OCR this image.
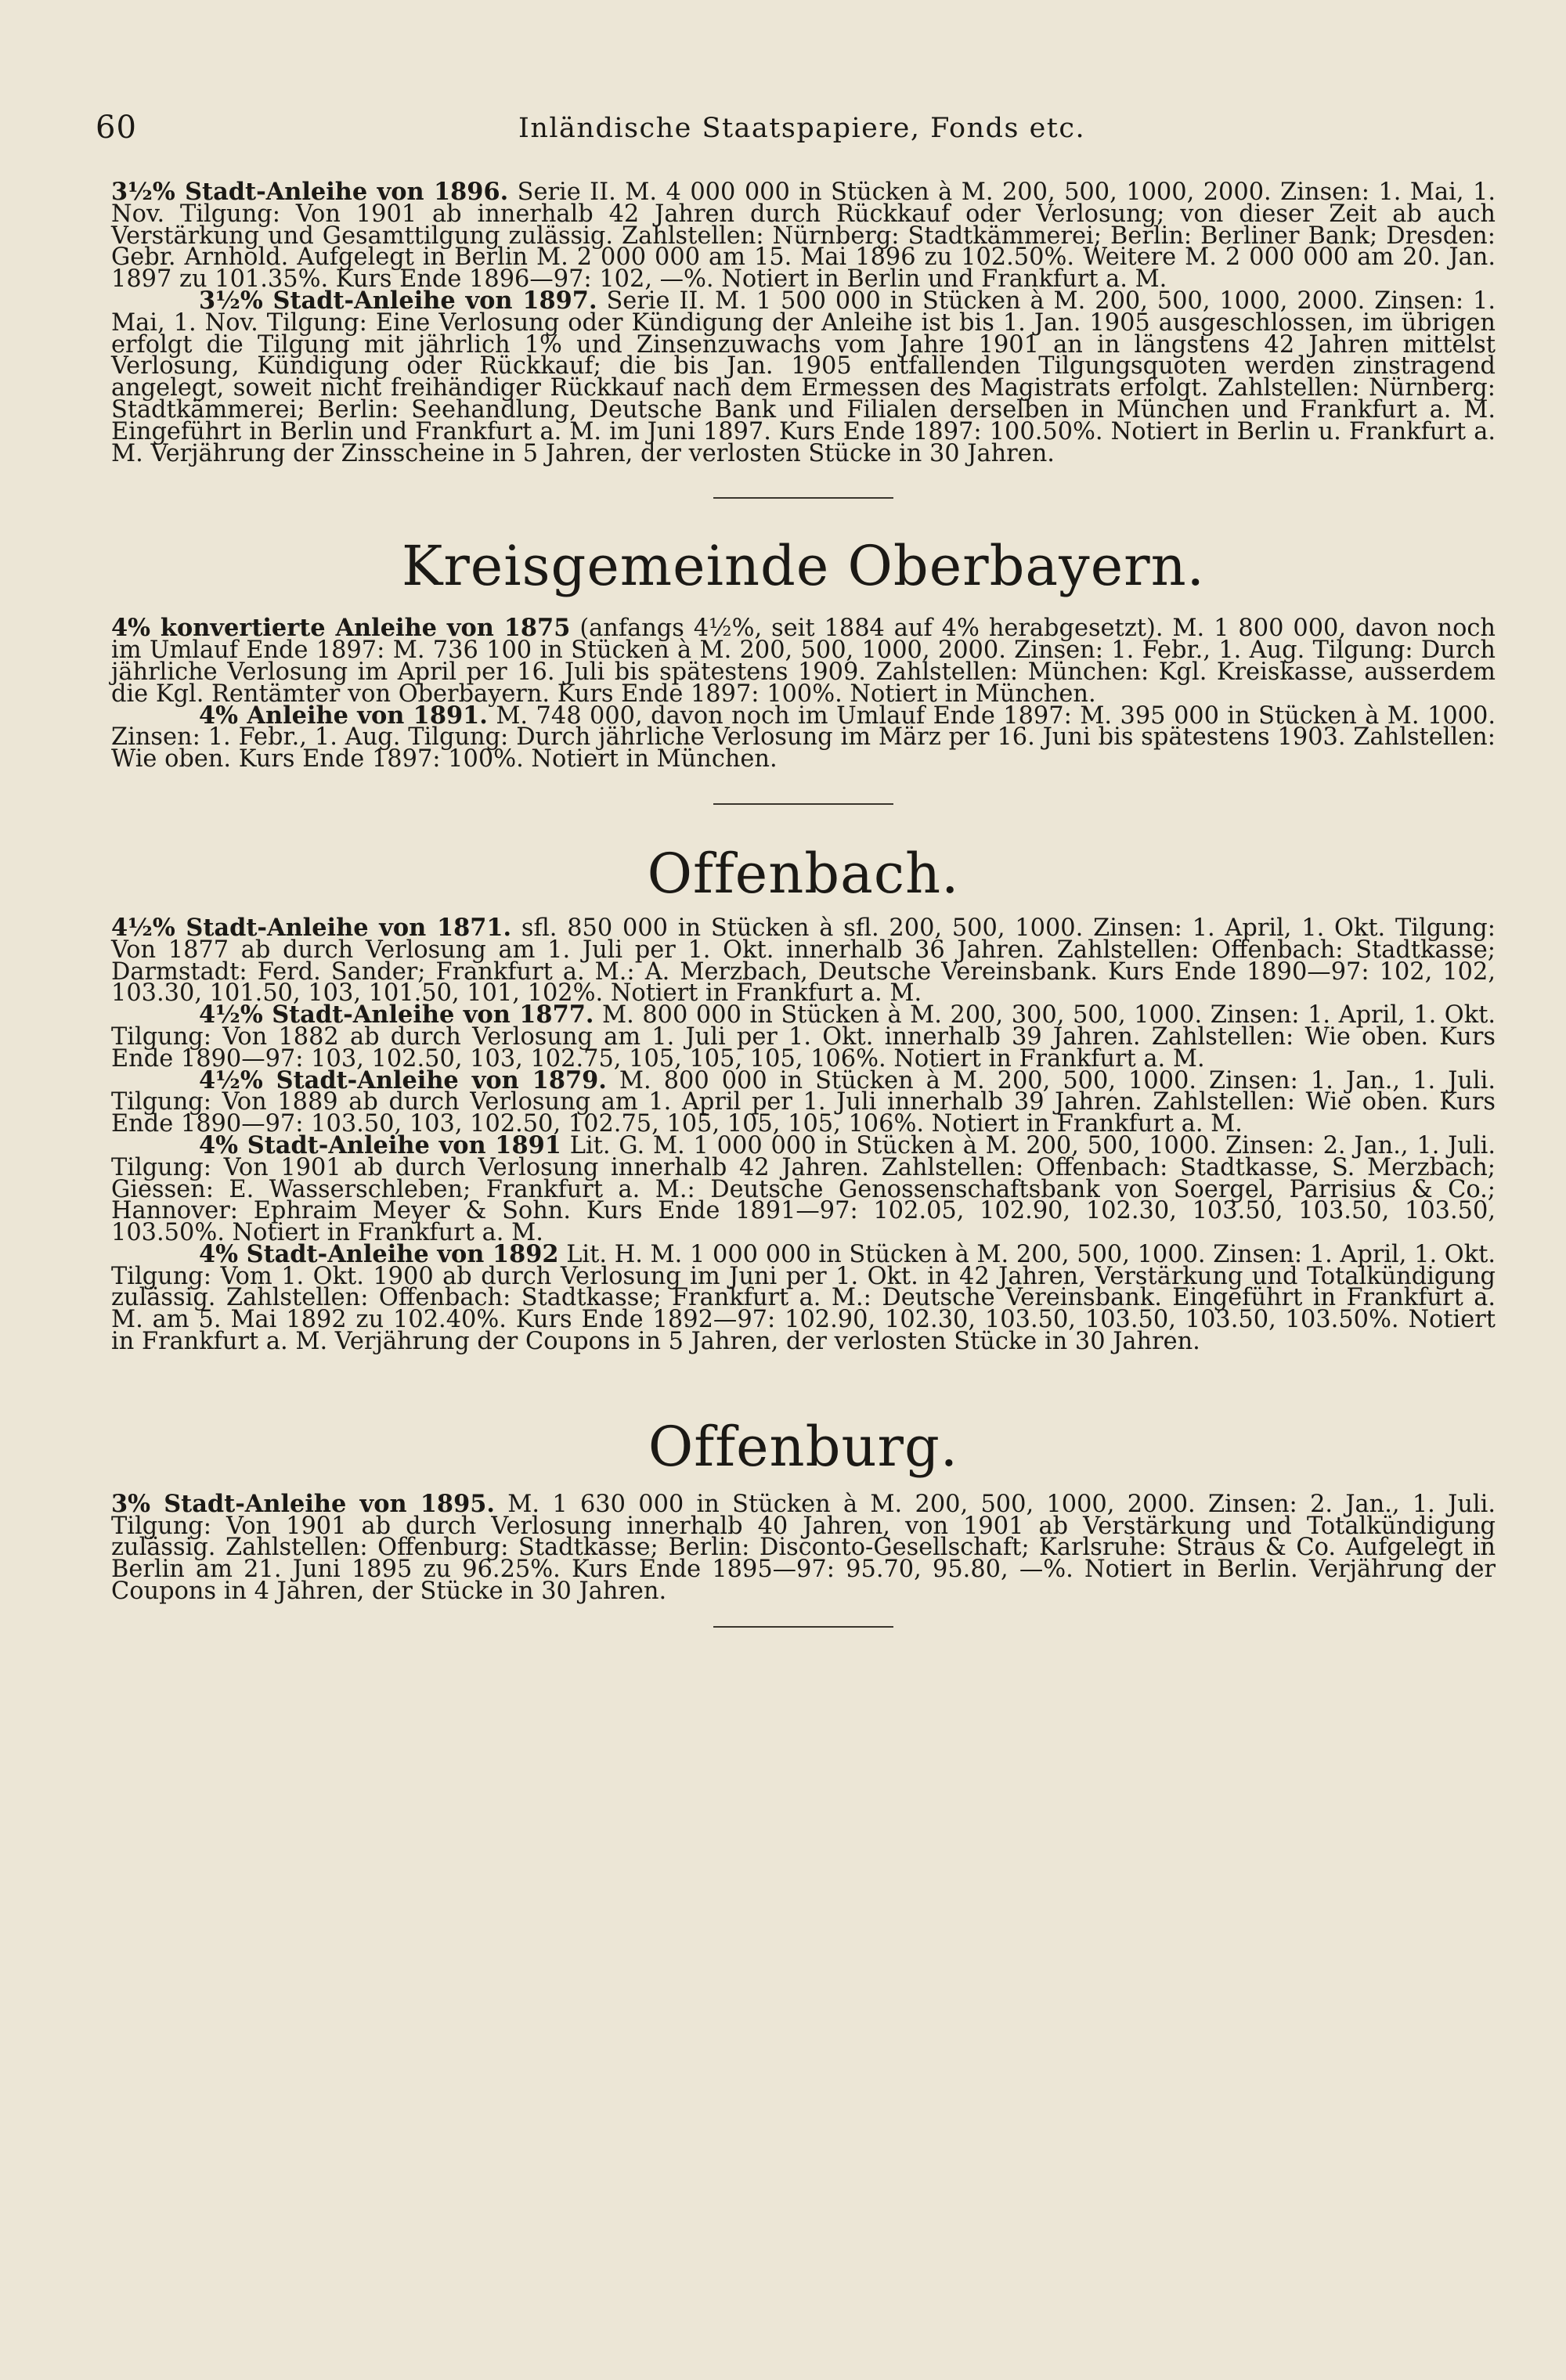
60	Inländische Staatspapiere, Fonds etc.

3½% Stadt-Anleihe von 1896. Serie II. M. 4 000 000 in Stücken à M. 200, 500, 1000, 2000. Zinsen: 1. Mai, 1. Nov. Tilgung: Von 1901 ab innerhalb 42 Jahren durch Rückkauf oder Verlosung; von dieser Zeit ab auch Verstärkung und Gesamttilgung zulässig. Zahlstellen: Nürnberg: Stadtkämmerei; Berlin: Berliner Bank; Dresden: Gebr. Arnhold. Aufgelegt in Berlin M. 2 000 000 am 15. Mai 1896 zu 102.50%. Weitere M. 2 000 000 am 20. Jan. 1897 zu 101.35%. Kurs Ende 1896—97: 102, —%. Notiert in Berlin und Frankfurt a. M.

3½% Stadt-Anleihe von 1897. Serie II. M. 1 500 000 in Stücken à M. 200, 500, 1000, 2000. Zinsen: 1. Mai, 1. Nov. Tilgung: Eine Verlosung oder Kündigung der Anleihe ist bis 1. Jan. 1905 ausgeschlossen, im übrigen erfolgt die Tilgung mit jährlich 1% und Zinsenzuwachs vom Jahre 1901 an in längstens 42 Jahren mittelst Verlosung, Kündigung oder Rückkauf; die bis Jan. 1905 entfallenden Tilgungsquoten werden zinstragend angelegt, soweit nicht freihändiger Rückkauf nach dem Ermessen des Magistrats erfolgt. Zahlstellen: Nürnberg: Stadtkämmerei; Berlin: Seehandlung, Deutsche Bank und Filialen derselben in München und Frankfurt a. M. Eingeführt in Berlin und Frankfurt a. M. im Juni 1897. Kurs Ende 1897: 100.50%. Notiert in Berlin u. Frankfurt a. M. Verjährung der Zinsscheine in 5 Jahren, der verlosten Stücke in 30 Jahren.

Kreisgemeinde Oberbayern.

4% konvertierte Anleihe von 1875 (anfangs 4½%, seit 1884 auf 4% herabgesetzt). M. 1 800 000, davon noch im Umlauf Ende 1897: M. 736 100 in Stücken à M. 200, 500, 1000, 2000. Zinsen: 1. Febr., 1. Aug. Tilgung: Durch jährliche Verlosung im April per 16. Juli bis spätestens 1909. Zahlstellen: München: Kgl. Kreiskasse, ausserdem die Kgl. Rentämter von Oberbayern. Kurs Ende 1897: 100%. Notiert in München.

4% Anleihe von 1891. M. 748 000, davon noch im Umlauf Ende 1897: M. 395 000 in Stücken à M. 1000. Zinsen: 1. Febr., 1. Aug. Tilgung: Durch jährliche Verlosung im März per 16. Juni bis spätestens 1903. Zahlstellen: Wie oben. Kurs Ende 1897: 100%. Notiert in München.

Offenbach.

4½% Stadt-Anleihe von 1871. sfl. 850 000 in Stücken à sfl. 200, 500, 1000. Zinsen: 1. April, 1. Okt. Tilgung: Von 1877 ab durch Verlosung am 1. Juli per 1. Okt. innerhalb 36 Jahren. Zahlstellen: Offenbach: Stadtkasse; Darmstadt: Ferd. Sander; Frankfurt a. M.: A. Merzbach, Deutsche Vereinsbank. Kurs Ende 1890—97: 102, 102, 103.30, 101.50, 103, 101.50, 101, 102%. Notiert in Frankfurt a. M.

4½% Stadt-Anleihe von 1877. M. 800 000 in Stücken à M. 200, 300, 500, 1000. Zinsen: 1. April, 1. Okt. Tilgung: Von 1882 ab durch Verlosung am 1. Juli per 1. Okt. innerhalb 39 Jahren. Zahlstellen: Wie oben. Kurs Ende 1890—97: 103, 102.50, 103, 102.75, 105, 105, 105, 106%. Notiert in Frankfurt a. M.

4½% Stadt-Anleihe von 1879. M. 800 000 in Stücken à M. 200, 500, 1000. Zinsen: 1. Jan., 1. Juli. Tilgung: Von 1889 ab durch Verlosung am 1. April per 1. Juli innerhalb 39 Jahren. Zahlstellen: Wie oben. Kurs Ende 1890—97: 103.50, 103, 102.50, 102.75, 105, 105, 105, 106%. Notiert in Frankfurt a. M.

4% Stadt-Anleihe von 1891 Lit. G. M. 1 000 000 in Stücken à M. 200, 500, 1000. Zinsen: 2. Jan., 1. Juli. Tilgung: Von 1901 ab durch Verlosung innerhalb 42 Jahren. Zahlstellen: Offenbach: Stadtkasse, S. Merzbach; Giessen: E. Wasserschleben; Frankfurt a. M.: Deutsche Genossenschaftsbank von Soergel, Parrisius & Co.; Hannover: Ephraim Meyer & Sohn. Kurs Ende 1891—97: 102.05, 102.90, 102.30, 103.50, 103.50, 103.50, 103.50%. Notiert in Frankfurt a. M.

4% Stadt-Anleihe von 1892 Lit. H. M. 1 000 000 in Stücken à M. 200, 500, 1000. Zinsen: 1. April, 1. Okt. Tilgung: Vom 1. Okt. 1900 ab durch Verlosung im Juni per 1. Okt. in 42 Jahren, Verstärkung und Totalkündigung zulässig. Zahlstellen: Offenbach: Stadtkasse; Frankfurt a. M.: Deutsche Vereinsbank. Eingeführt in Frankfurt a. M. am 5. Mai 1892 zu 102.40%. Kurs Ende 1892—97: 102.90, 102.30, 103.50, 103.50, 103.50, 103.50%. Notiert in Frankfurt a. M. Verjährung der Coupons in 5 Jahren, der verlosten Stücke in 30 Jahren.

Offenburg.

3% Stadt-Anleihe von 1895. M. 1 630 000 in Stücken à M. 200, 500, 1000, 2000. Zinsen: 2. Jan., 1. Juli. Tilgung: Von 1901 ab durch Verlosung innerhalb 40 Jahren, von 1901 ab Verstärkung und Totalkündigung zulässig. Zahlstellen: Offenburg: Stadtkasse; Berlin: Disconto-Gesellschaft; Karlsruhe: Straus & Co. Aufgelegt in Berlin am 21. Juni 1895 zu 96.25%. Kurs Ende 1895—97: 95.70, 95.80, —%. Notiert in Berlin. Verjährung der Coupons in 4 Jahren, der Stücke in 30 Jahren.
